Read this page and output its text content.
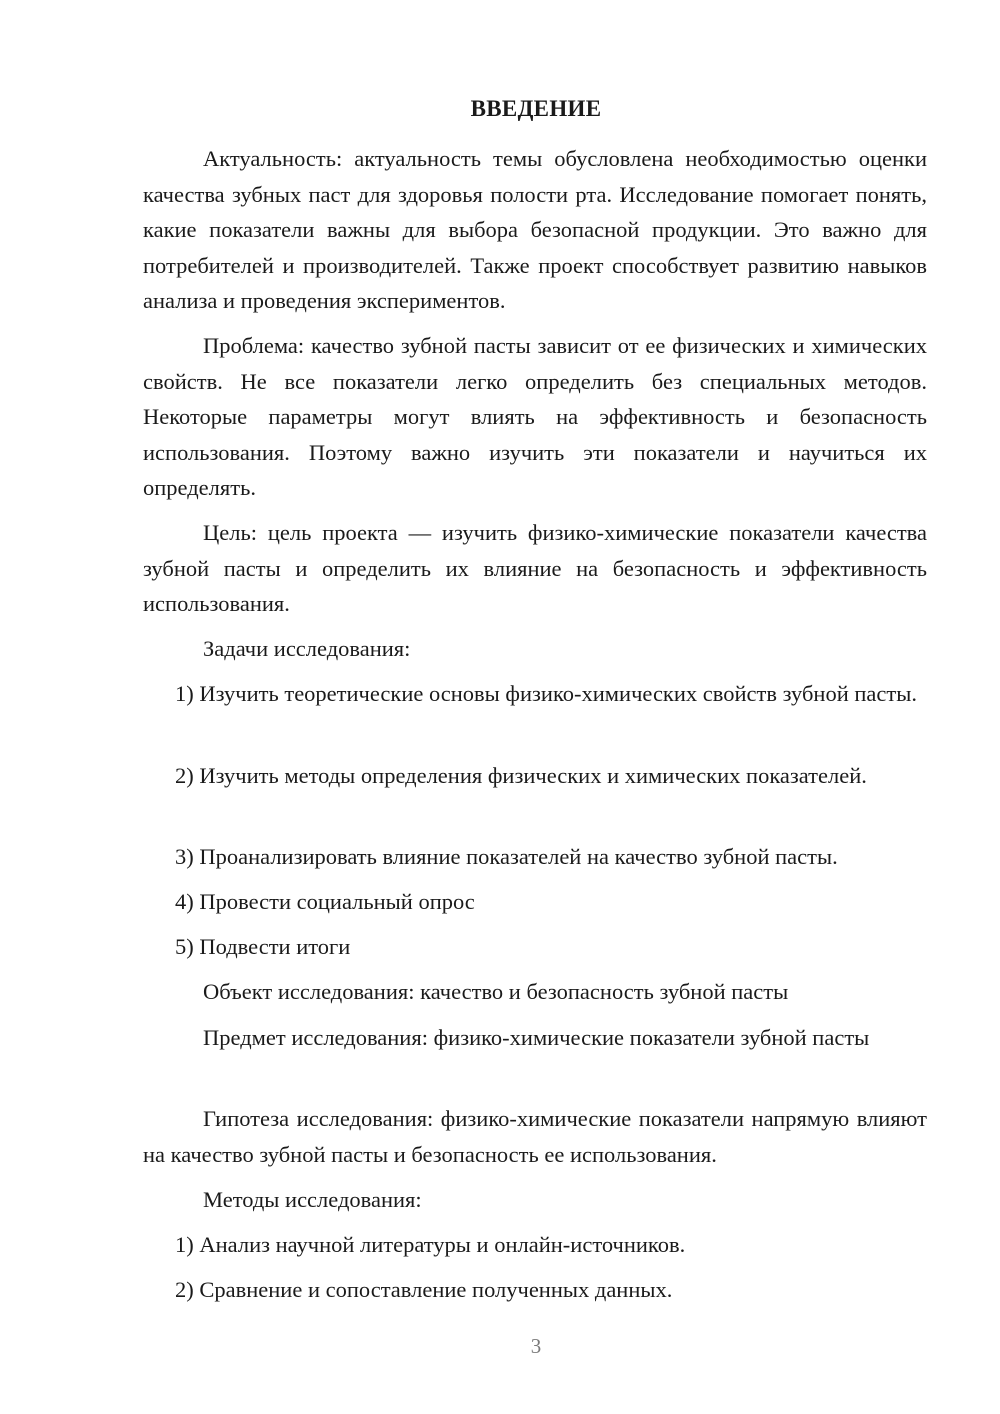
ВВЕДЕНИЕ

Актуальность: актуальность темы обусловлена необходимостью оценки качества зубных паст для здоровья полости рта. Исследование помогает понять, какие показатели важны для выбора безопасной продукции. Это важно для потребителей и производителей. Также проект способствует развитию навыков анализа и проведения экспериментов.

Проблема: качество зубной пасты зависит от ее физических и химических свойств. Не все показатели легко определить без специальных методов. Некоторые параметры могут влиять на эффективность и безопасность использования. Поэтому важно изучить эти показатели и научиться их определять.

Цель: цель проекта — изучить физико-химические показатели качества зубной пасты и определить их влияние на безопасность и эффективность использования.

Задачи исследования:

1) Изучить теоретические основы физико-химических свойств зубной пасты.

2) Изучить методы определения физических и химических показателей.

3) Проанализировать влияние показателей на качество зубной пасты.

4) Провести социальный опрос

5) Подвести итоги

Объект исследования: качество и безопасность зубной пасты

Предмет исследования: физико-химические показатели зубной пасты

Гипотеза исследования: физико-химические показатели напрямую влияют на качество зубной пасты и безопасность ее использования.

Методы исследования:

1) Анализ научной литературы и онлайн-источников.

2) Сравнение и сопоставление полученных данных.

3
